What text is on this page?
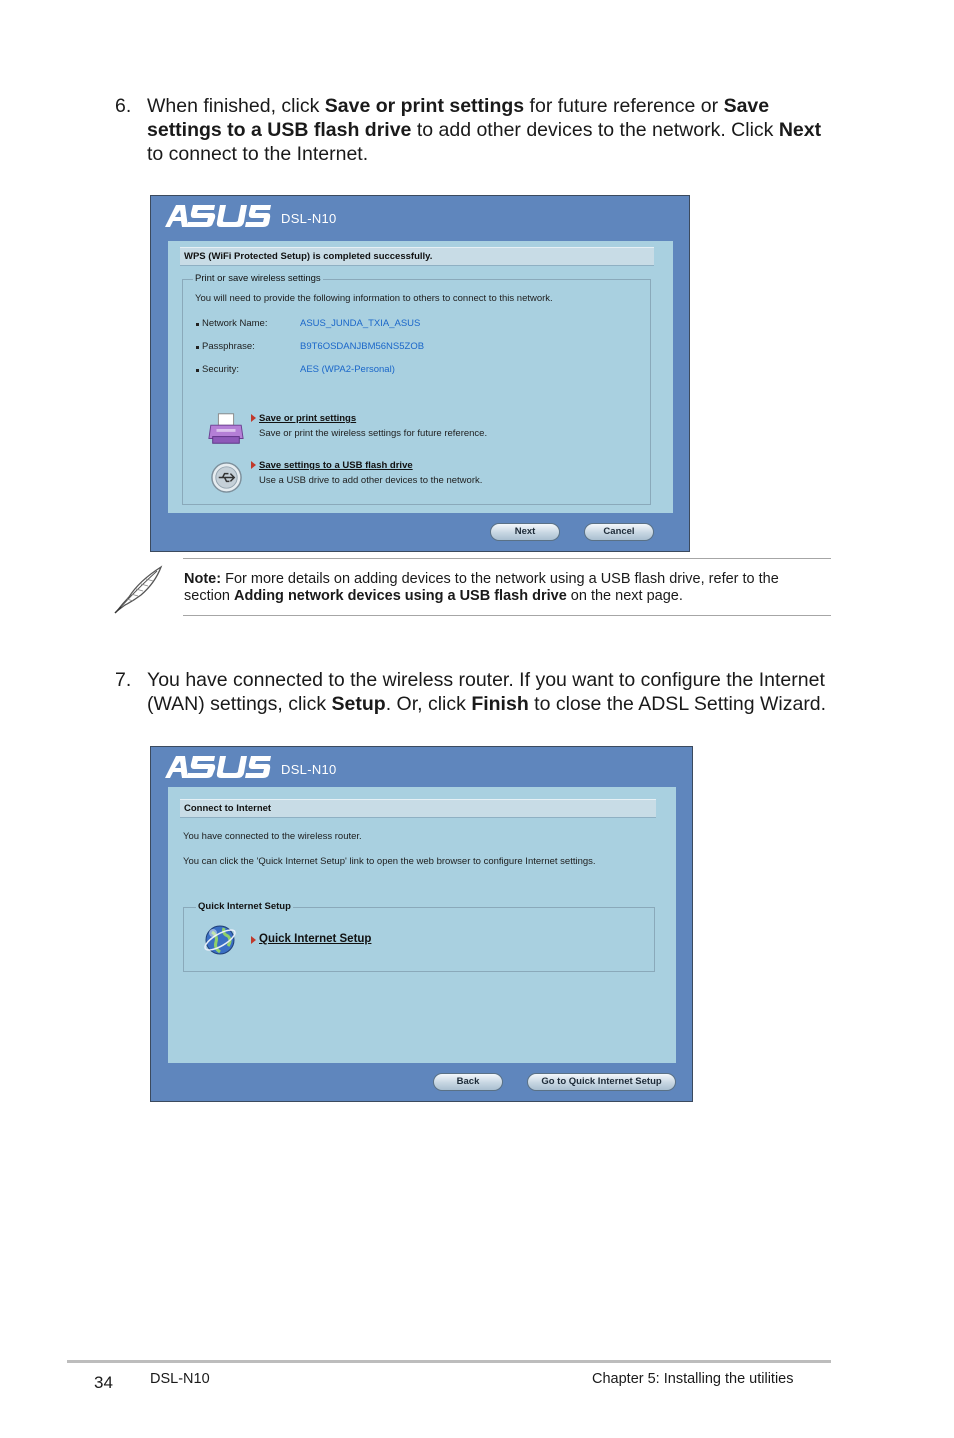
6. When finished, click Save or print settings for future reference or Save
settings to a USB flash drive to add other devices to the network. Click Next
to connect to the Internet.
DSL-N10
WPS (WiFi Protected Setup) is completed successfully.
Print or save wireless settings
You will need to provide the following information to others to connect to this network.
Network Name:	ASUS_JUNDA_TXIA_ASUS
Passphrase:	B9T6OSDANJBM56NS5ZOB
Security:	AES (WPA2-Personal)
Save or print settings
Save or print the wireless settings for future reference.
Save settings to a USB flash drive
Use a USB drive to add other devices to the network.
Next	Cancel
Note: For more details on adding devices to the network using a USB flash drive, refer to the
section Adding network devices using a USB flash drive on the next page.
7. You have connected to the wireless router. If you want to configure the Internet
(WAN) settings, click Setup. Or, click Finish to close the ADSL Setting Wizard.
DSL-N10
Connect to Internet
You have connected to the wireless router.
You can click the 'Quick Internet Setup' link to open the web browser to configure Internet settings.
Quick Internet Setup
Quick Internet Setup
Back	Go to Quick Internet Setup
34	DSL-N10	Chapter 5: Installing the utilities
